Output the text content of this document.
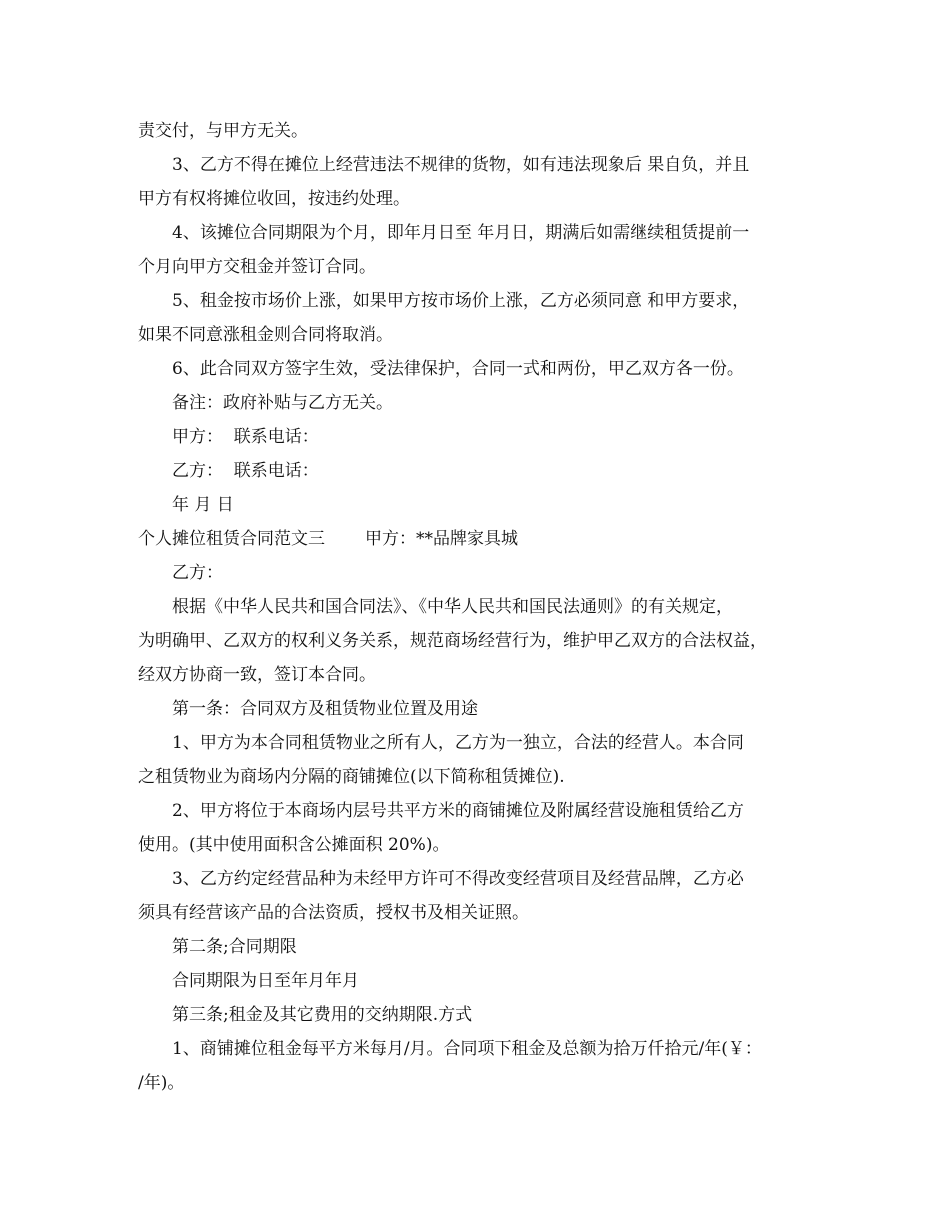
责交付，与甲方无关。
3、乙方不得在摊位上经营违法不规律的货物，如有违法现象后 果自负，并且
甲方有权将摊位收回，按违约处理。
4、该摊位合同期限为个月，即年月日至 年月日，期满后如需继续租赁提前一
个月向甲方交租金并签订合同。
5、租金按市场价上涨，如果甲方按市场价上涨，乙方必须同意 和甲方要求，
如果不同意涨租金则合同将取消。
6、此合同双方签字生效，受法律保护，合同一式和两份，甲乙双方各一份。
备注：政府补贴与乙方无关。
甲方：  联系电话：
乙方：  联系电话：
年 月 日
个人摊位租赁合同范文三 甲方：**品牌家具城
乙方：
根据《中华人民共和国合同法》、《中华人民共和国民法通则》的有关规定，
为明确甲、乙双方的权利义务关系，规范商场经营行为，维护甲乙双方的合法权益，
经双方协商一致，签订本合同。
第一条：合同双方及租赁物业位置及用途
1、甲方为本合同租赁物业之所有人，乙方为一独立，合法的经营人。本合同
之租赁物业为商场内分隔的商铺摊位(以下简称租赁摊位).
2、甲方将位于本商场内层号共平方米的商铺摊位及附属经营设施租赁给乙方
使用。(其中使用面积含公摊面积 20%)。
3、乙方约定经营品种为未经甲方许可不得改变经营项目及经营品牌，乙方必
须具有经营该产品的合法资质，授权书及相关证照。
第二条;合同期限
合同期限为日至年月年月
第三条;租金及其它费用的交纳期限.方式
1、商铺摊位租金每平方米每月/月。合同项下租金及总额为拾万仟拾元/年(￥：
/年)。
